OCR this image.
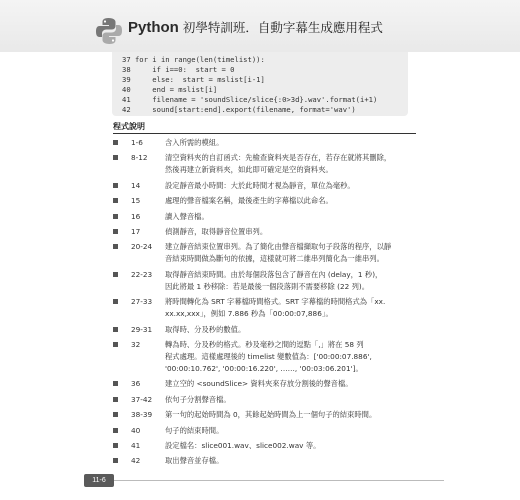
Python 初學特訓班．自動字幕生成應用程式
37 for i in range(len(timelist)):
38     if i==0:  start = 0
39     else:  start = mslist[i-1]
40     end = mslist[i]
41     filename = 'soundSlice/slice{:0>3d}.wav'.format(i+1)
42     sound[start:end].export(filename, format='wav')
程式說明
1-6	含入所需的模組。
8-12	清空資料夾的自訂函式：先檢查資料夾是否存在，若存在就將其刪除，
然後再建立新資料夾，如此即可確定是空的資料夾。
14	設定靜音最小時間：大於此時間才視為靜音，單位為毫秒。
15	處理的聲音檔案名稱，最後產生的字幕檔以此命名。
16	讀入聲音檔。
17	偵測靜音，取得靜音位置串列。
20-24	建立靜音結束位置串列。為了簡化由聲音檔擷取句子段落的程序，以靜
音結束時間做為斷句的依據，這樣就可將二維串列簡化為一維串列。
22-23	取得靜音結束時間。由於每個段落包含了靜音在內 (delay，1 秒)，
因此將最 1 秒移除：若是最後一個段落則不需要移除 (22 列)。
27-33	將時間轉化為 SRT 字幕檔時間格式。SRT 字幕檔的時間格式為「xx.
xx.xx,xxx」，例如 7.886 秒為「00:00:07,886」。
29-31	取得時、分及秒的數值。
32	轉為時、分及秒的格式。秒及毫秒之間的逗點「,」將在 58 列
程式處理。這樣處理後的 timelist 變數值為：['00:00:07.886',
'00:00:10.762', '00:00:16.220', ……, '00:03:06.201']。
36	建立空的 <soundSlice> 資料夾來存放分割後的聲音檔。
37-42	依句子分割聲音檔。
38-39	第一句的起始時間為 0，其餘起始時間為上一個句子的結束時間。
40	句子的結束時間。
41	設定檔名：slice001.wav、slice002.wav 等。
42	取出聲音並存檔。
11-6
